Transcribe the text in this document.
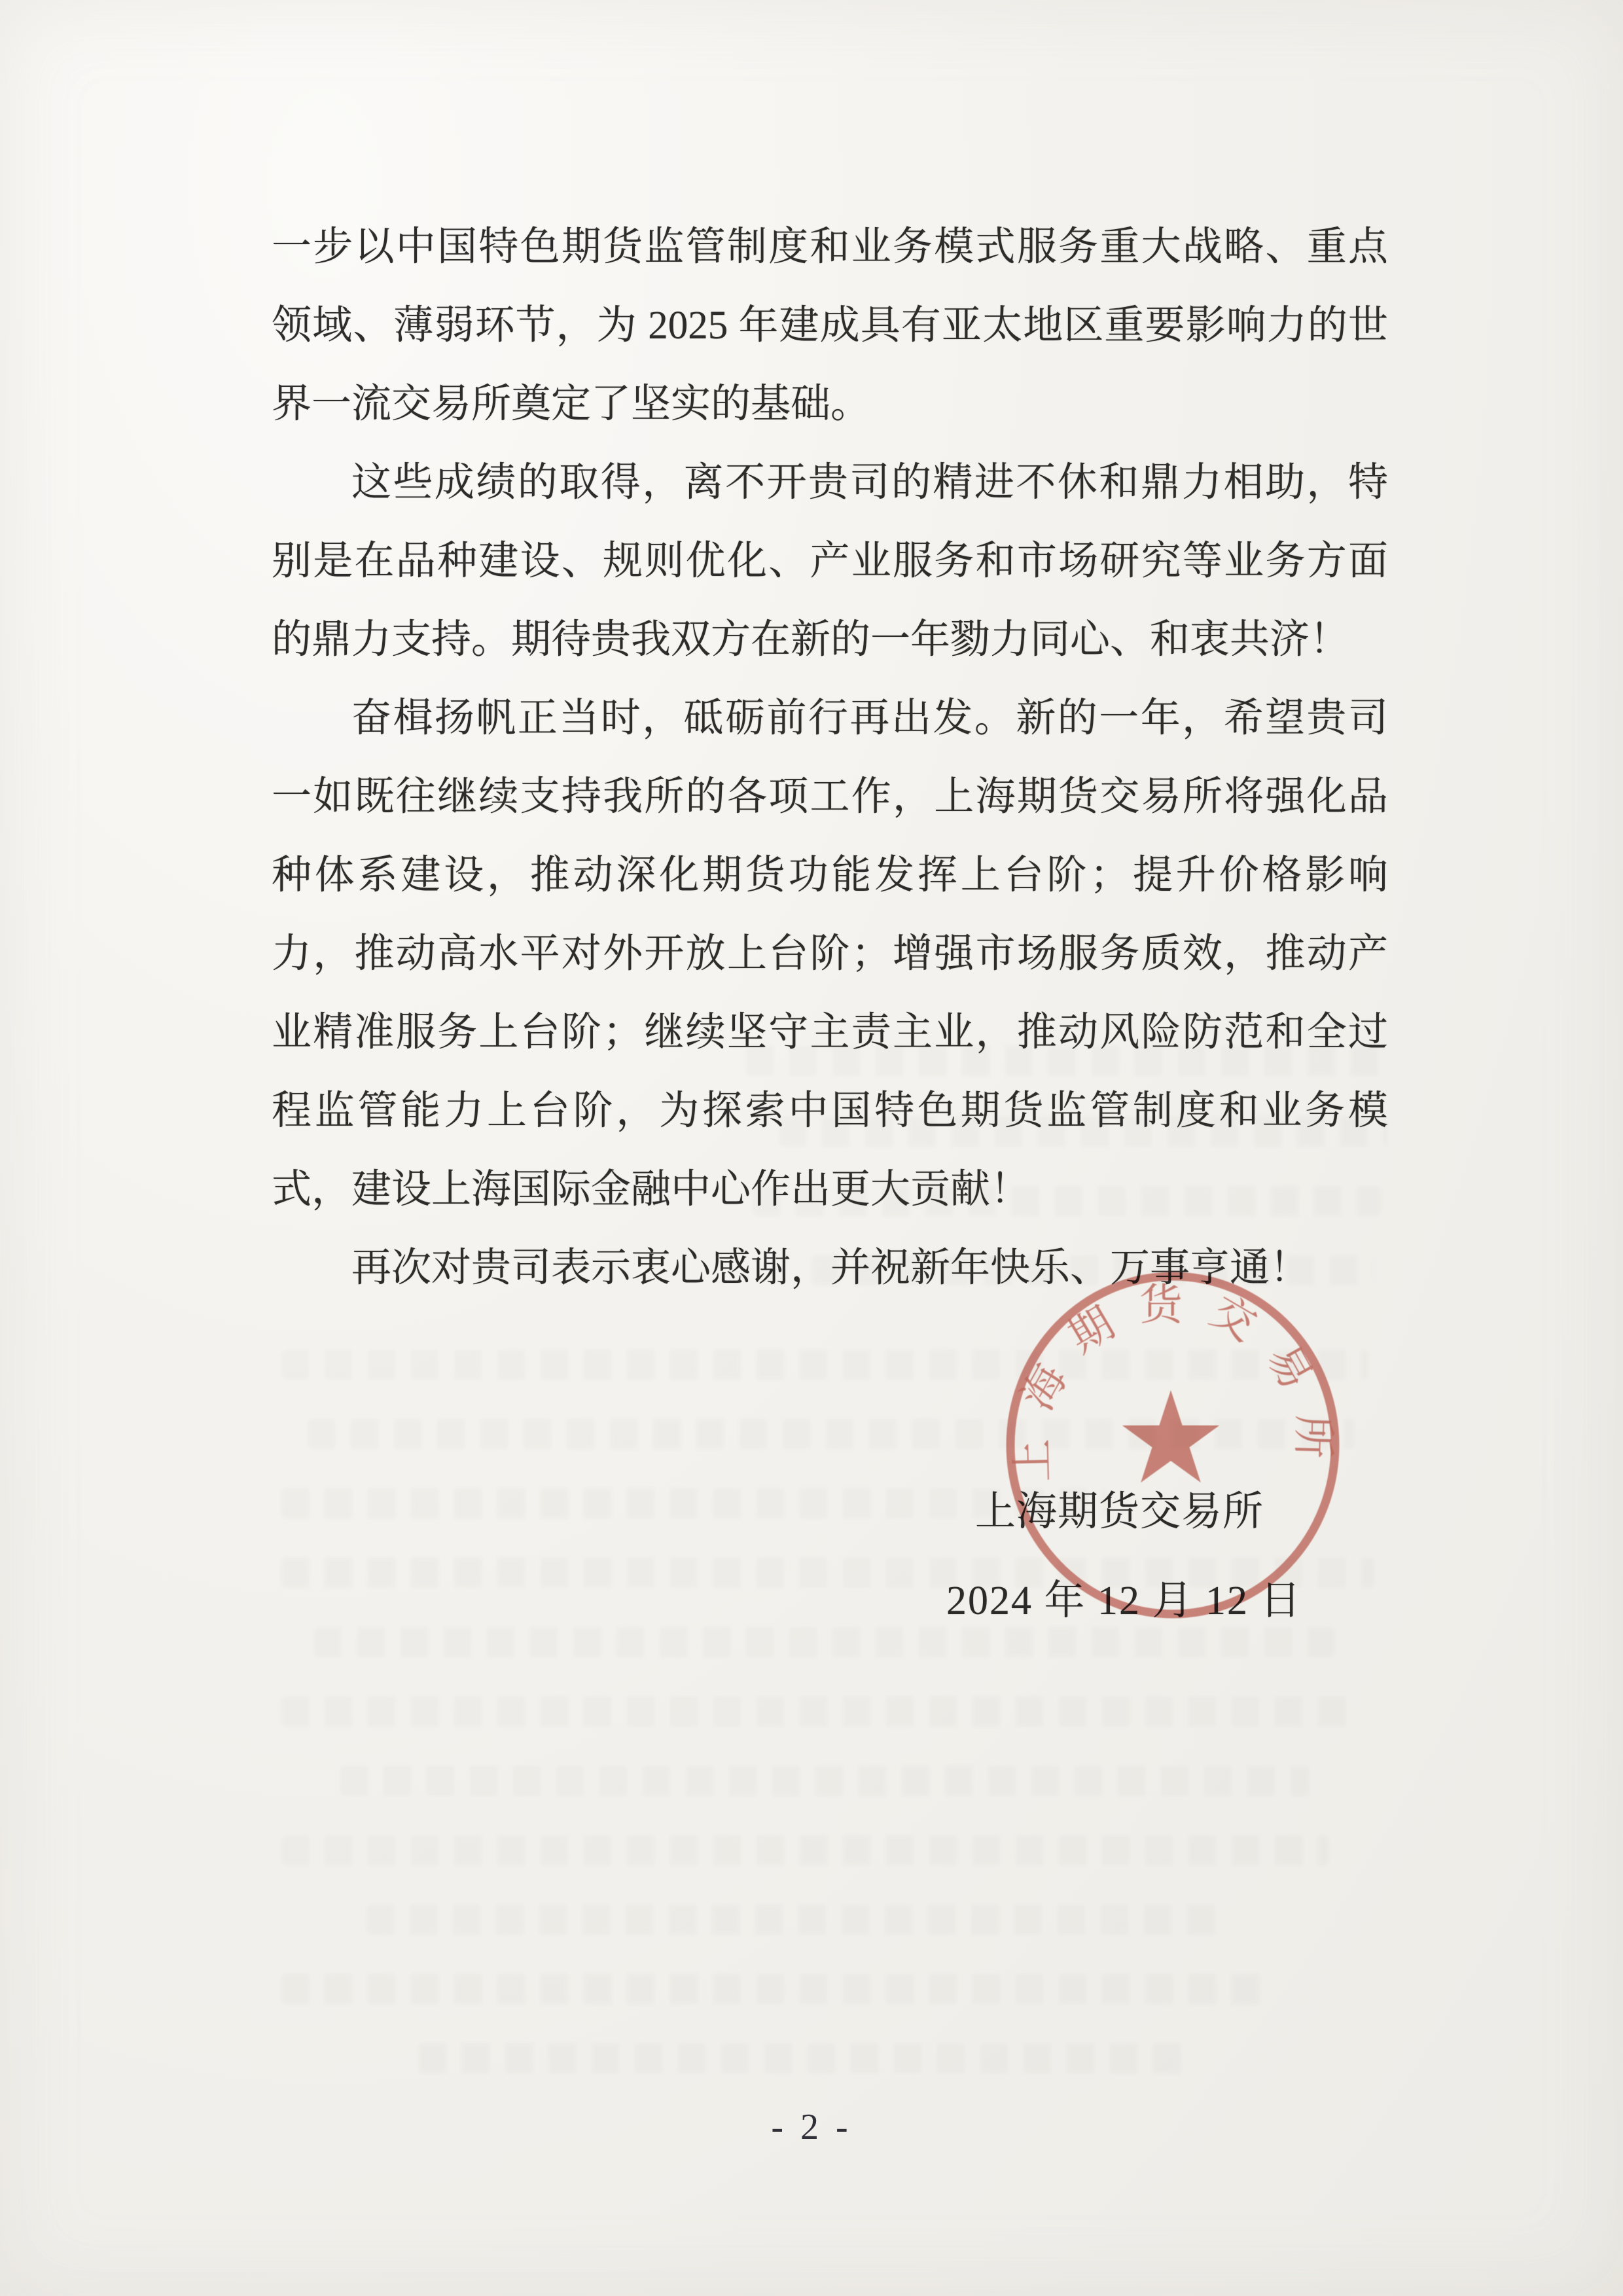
一步以中国特色期货监管制度和业务模式服务重大战略、重点领域、薄弱环节，为 2025 年建成具有亚太地区重要影响力的世界一流交易所奠定了坚实的基础。

这些成绩的取得，离不开贵司的精进不休和鼎力相助，特别是在品种建设、规则优化、产业服务和市场研究等业务方面的鼎力支持。期待贵我双方在新的一年勠力同心、和衷共济！

奋楫扬帆正当时，砥砺前行再出发。新的一年，希望贵司一如既往继续支持我所的各项工作，上海期货交易所将强化品种体系建设，推动深化期货功能发挥上台阶；提升价格影响力，推动高水平对外开放上台阶；增强市场服务质效，推动产业精准服务上台阶；继续坚守主责主业，推动风险防范和全过程监管能力上台阶，为探索中国特色期货监管制度和业务模式，建设上海国际金融中心作出更大贡献！

再次对贵司表示衷心感谢，并祝新年快乐、万事亨通！

上海期货交易所
2024 年 12 月 12 日
上海期货交易所
- 2 -
